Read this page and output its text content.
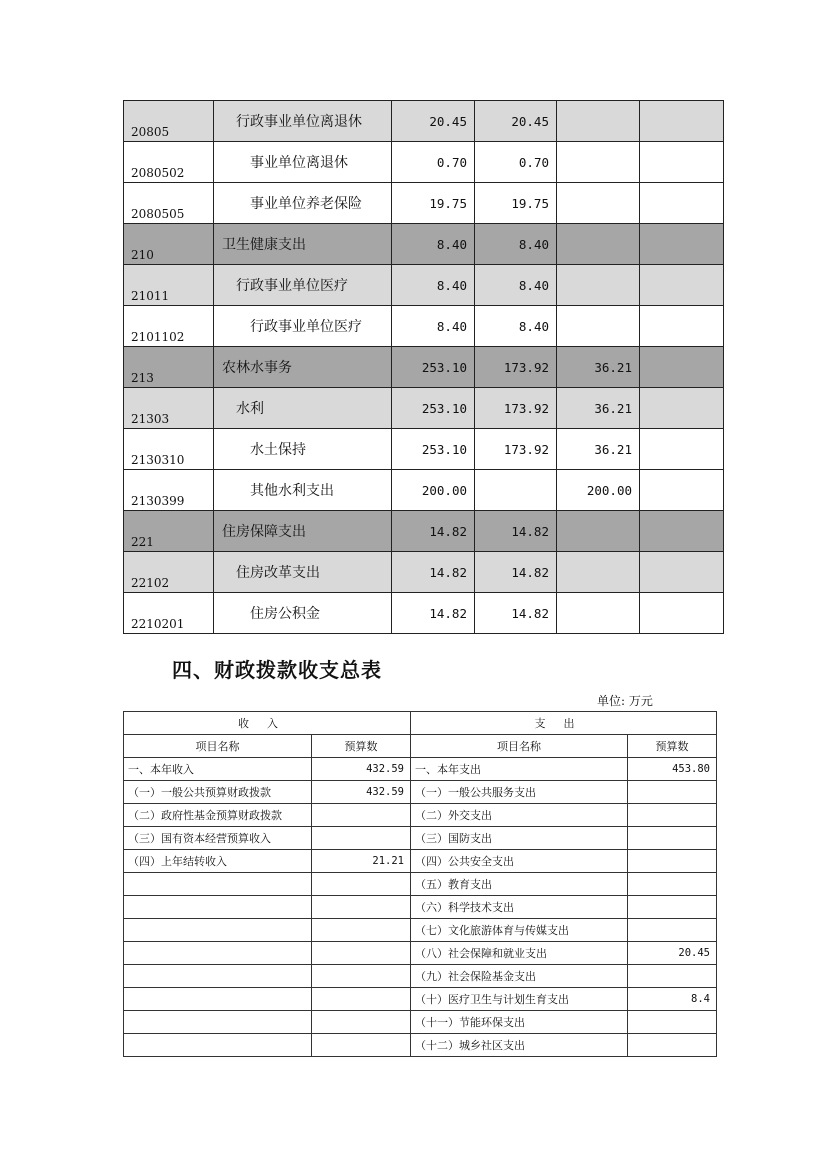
20805	行政事业单位离退休	20.45	20.45		
2080502	事业单位离退休	0.70	0.70		
2080505	事业单位养老保险	19.75	19.75		
210	卫生健康支出	8.40	8.40		
21011	行政事业单位医疗	8.40	8.40		
2101102	行政事业单位医疗	8.40	8.40		
213	农林水事务	253.10	173.92	36.21	
21303	水利	253.10	173.92	36.21	
2130310	水土保持	253.10	173.92	36.21	
2130399	其他水利支出	200.00		200.00	
221	住房保障支出	14.82	14.82		
22102	住房改革支出	14.82	14.82		
2210201	住房公积金	14.82	14.82		
四、财政拨款收支总表
单位: 万元
收入		支出	
项目名称	预算数	项目名称	预算数
一、本年收入	432.59	一、本年支出	453.80
（一）一般公共预算财政拨款	432.59	（一）一般公共服务支出	
（二）政府性基金预算财政拨款		（二）外交支出	
（三）国有资本经营预算收入		（三）国防支出	
（四）上年结转收入	21.21	（四）公共安全支出	
		（五）教育支出	
		（六）科学技术支出	
		（七）文化旅游体育与传媒支出	
		（八）社会保障和就业支出	20.45
		（九）社会保险基金支出	
		（十）医疗卫生与计划生育支出	8.4
		（十一）节能环保支出	
		（十二）城乡社区支出	
